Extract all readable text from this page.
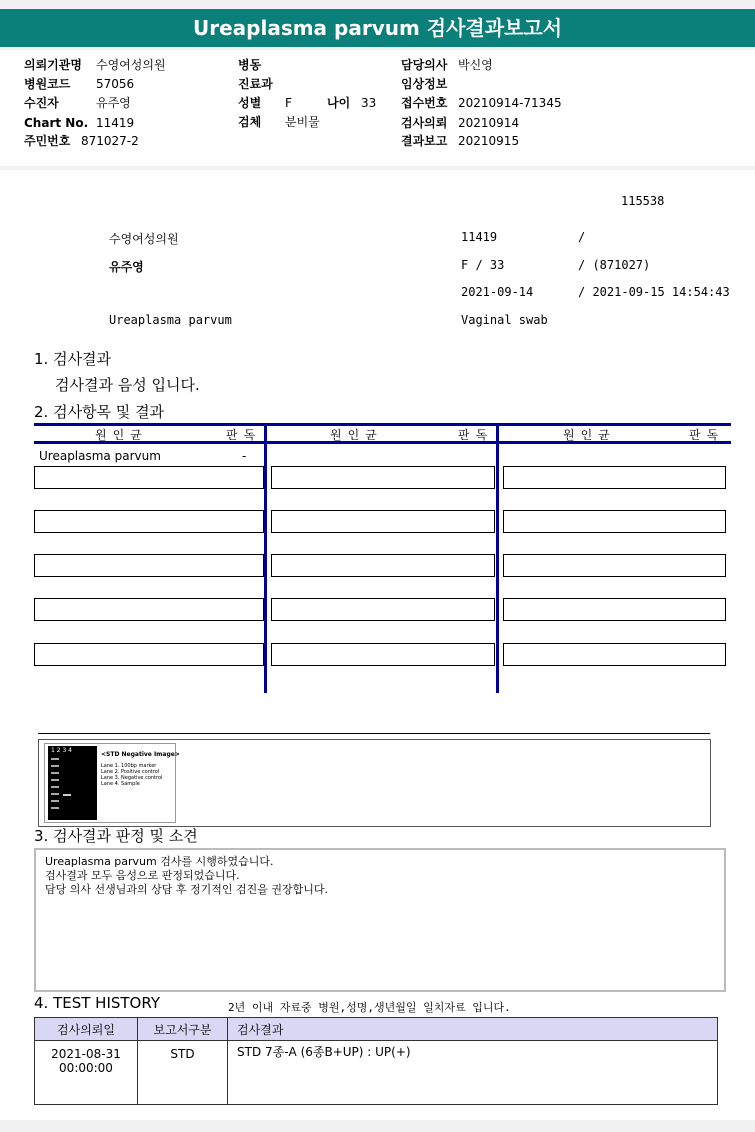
Ureaplasma parvum 검사결과보고서
의뢰기관명 수영여성의원
병원코드 57056
수진자	유주영
Chart No. 11419
주민번호 871027-2
병동
진료과
성별 F	나이 33
검체 분비물
담당의사 박신영
임상정보
접수번호 20210914-71345
검사의뢰 20210914
결과보고 20210915
115538
수영여성의원	11419	/
유주영	F / 33	/ (871027)
2021-09-14	/ 2021-09-15 14:54:43
Ureaplasma parvum	Vaginal swab
1. 검사결과
검사결과 음성 입니다.
2. 검사항목 및 결과
원인균	판독	원인균	판독	원인균	판독
Ureaplasma parvum	-
1 2 3 4
<STD Negative Image>
Lane 1. 100bp marker
Lane 2. Positive control
Lane 3. Negative control
Lane 4. Sample
3. 검사결과 판정 및 소견
Ureaplasma parvum 검사를 시행하였습니다.
검사결과 모두 음성으로 판정되었습니다.
담당 의사 선생님과의 상담 후 정기적인 검진을 권장합니다.
4. TEST HISTORY	2년 이내 자료중 병원,성명,생년월일 일치자료 입니다.
검사의뢰일	보고서구분	검사결과

2021-08-31
00:00:00	STD	STD 7종-A (6종B+UP) : UP(+)
